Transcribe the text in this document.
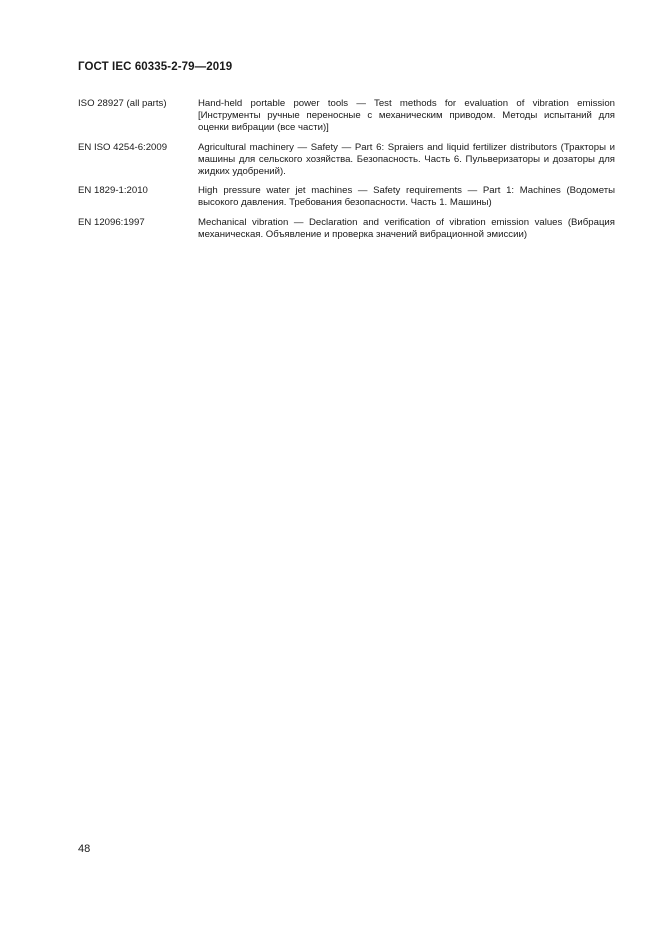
ГОСТ IEC 60335-2-79—2019
ISO 28927 (all parts)	Hand-held portable power tools — Test methods for evaluation of vibration emission [Инструменты ручные переносные с механическим приводом. Методы испытаний для оценки вибрации (все части)]
EN ISO 4254-6:2009	Agricultural machinery — Safety — Part 6: Spraiers and liquid fertilizer distributors (Тракторы и машины для сельского хозяйства. Безопасность. Часть 6. Пульверизаторы и дозаторы для жидких удобрений).
EN 1829-1:2010	High pressure water jet machines — Safety requirements — Part 1: Machines (Водометы высокого давления. Требования безопасности. Часть 1. Машины)
EN 12096:1997	Mechanical vibration — Declaration and verification of vibration emission values (Вибрация механическая. Объявление и проверка значений вибрационной эмиссии)
48
